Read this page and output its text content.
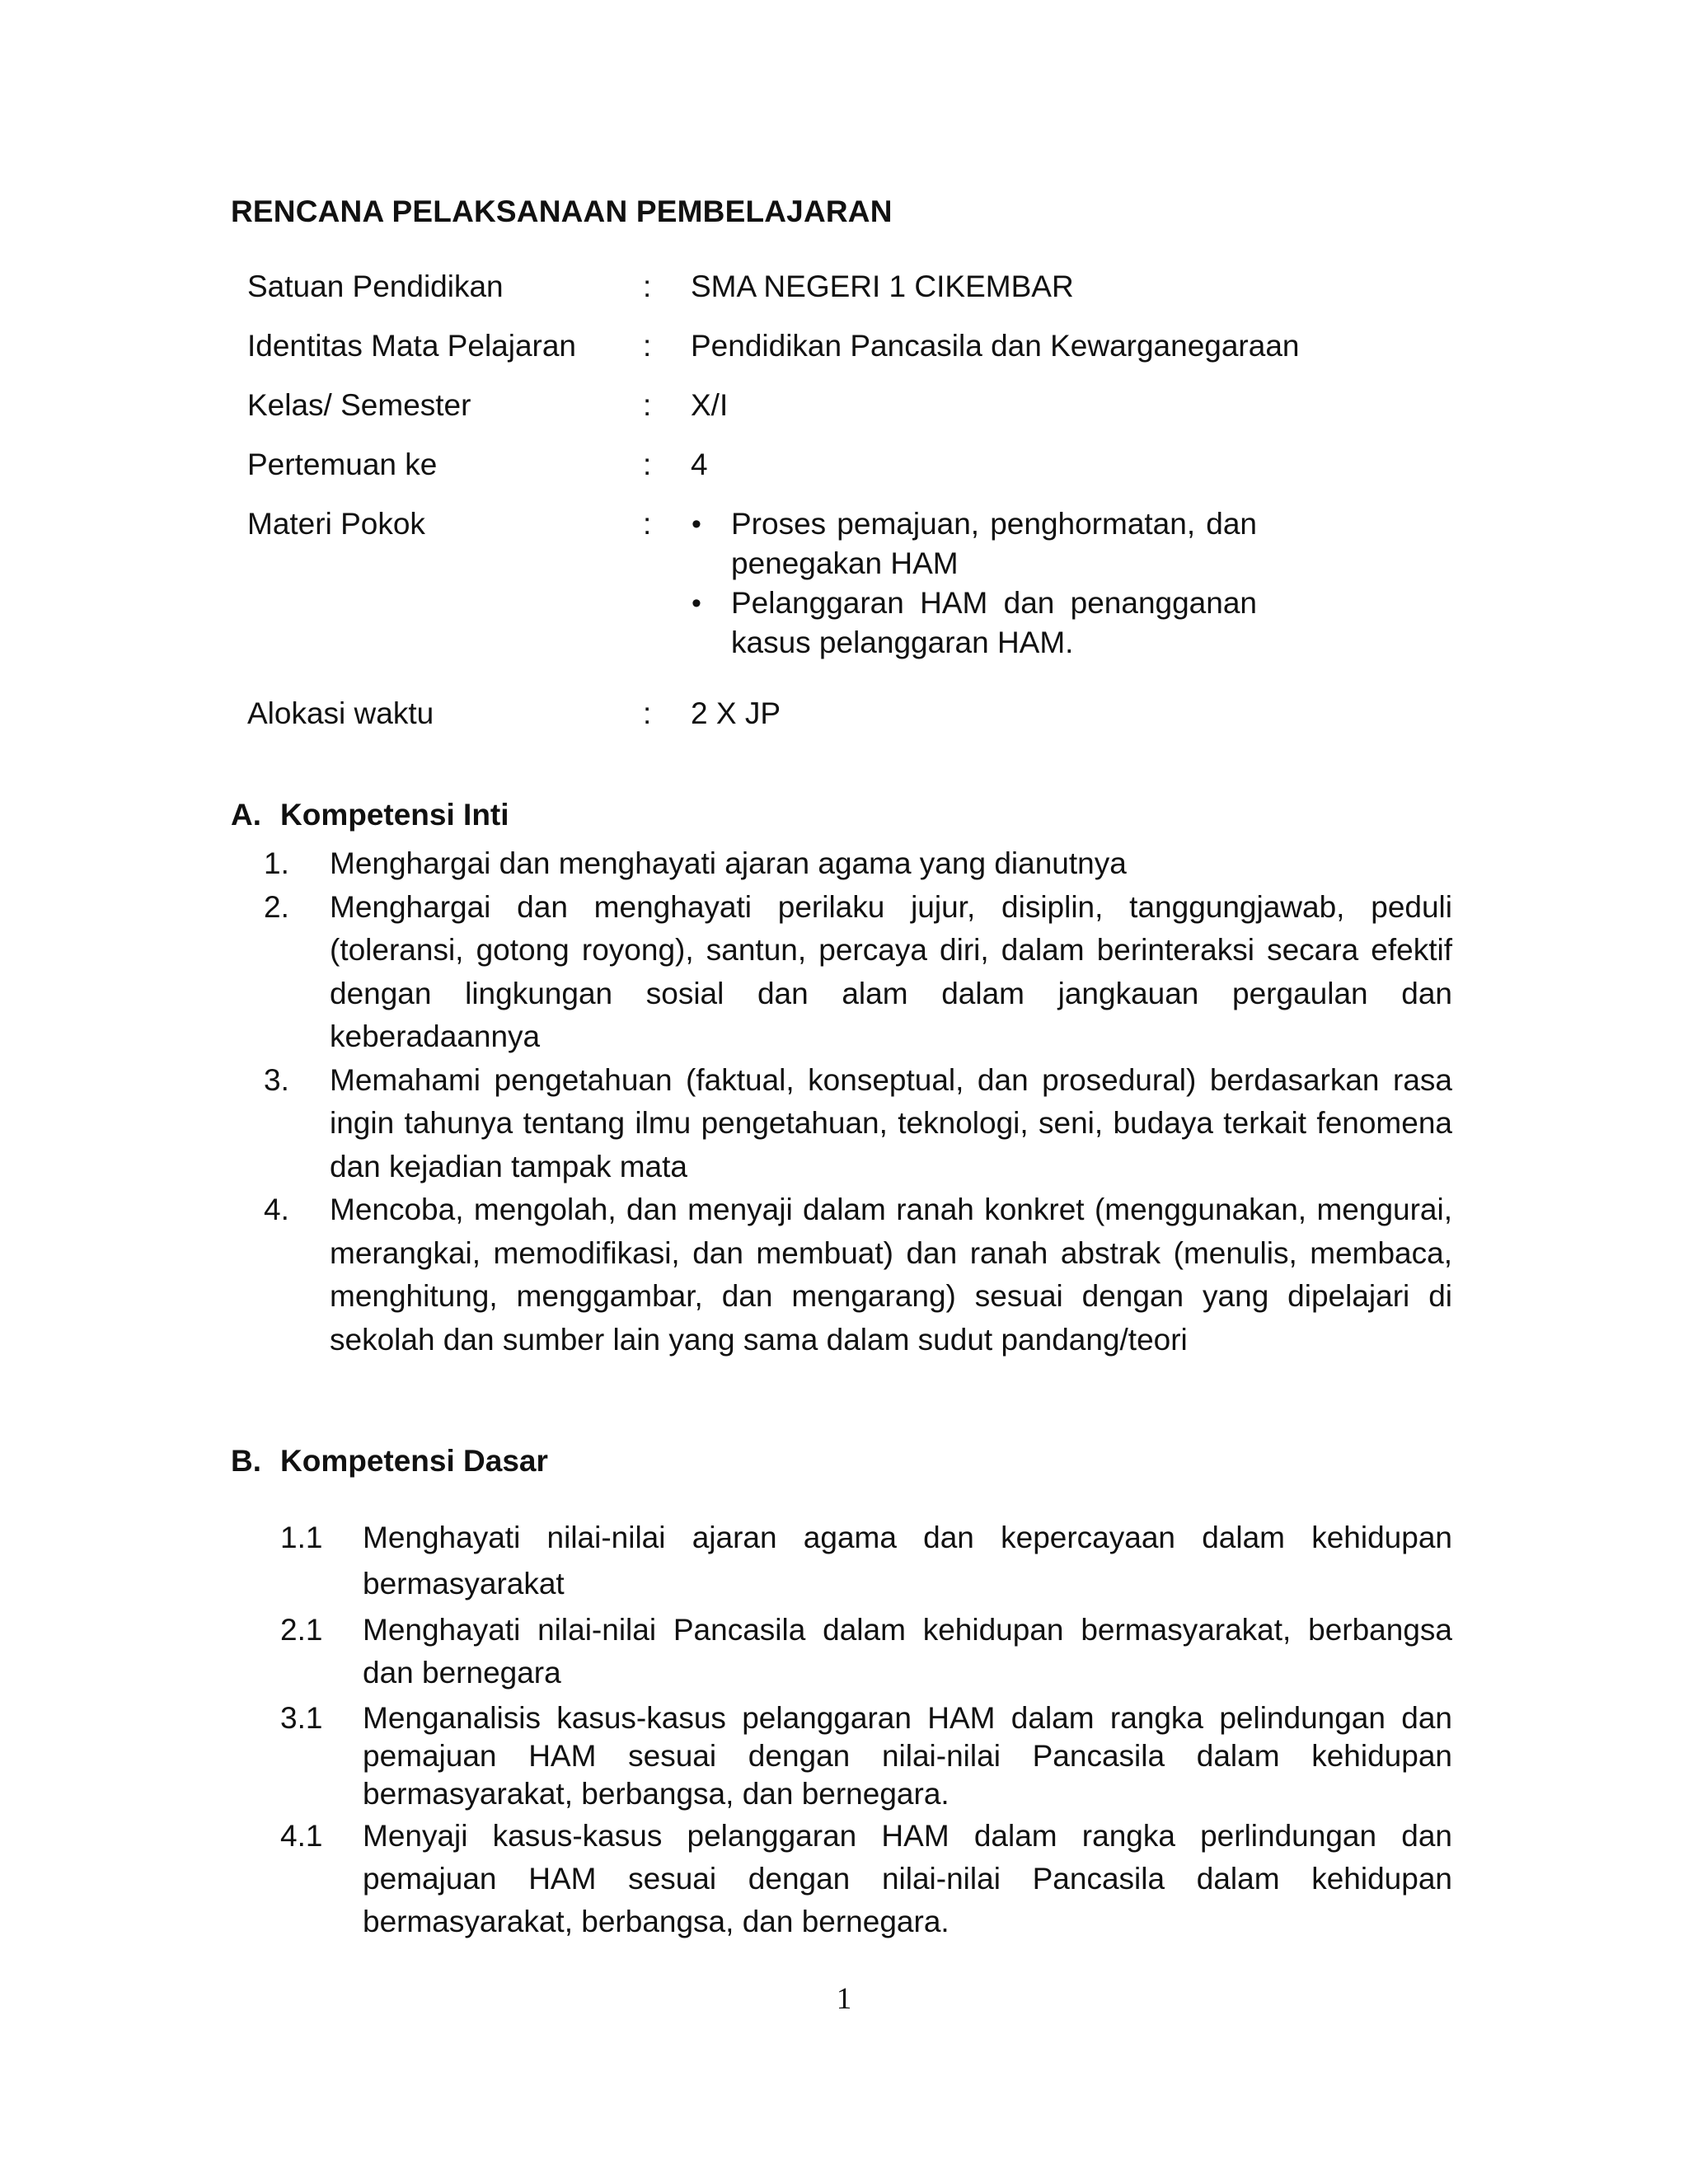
RENCANA PELAKSANAAN PEMBELAJARAN
Satuan Pendidikan	: SMA NEGERI 1 CIKEMBAR
Identitas Mata Pelajaran : Pendidikan Pancasila dan Kewarganegaraan
Kelas/ Semester	: X/I
Pertemuan ke	: 4
Materi Pokok	:
•	Proses pemajuan, penghormatan, dan penegakan HAM
• Pelanggaran HAM dan penangganan kasus pelanggaran HAM.
Alokasi waktu	: 2 X JP
A. Kompetensi Inti
1. Menghargai dan menghayati ajaran agama yang dianutnya
2. Menghargai dan menghayati perilaku jujur, disiplin, tanggungjawab, peduli (toleransi, gotong royong), santun, percaya diri, dalam berinteraksi secara efektif dengan lingkungan sosial dan alam dalam jangkauan pergaulan dan keberadaannya
3. Memahami pengetahuan (faktual, konseptual, dan prosedural) berdasarkan rasa ingin tahunya tentang ilmu pengetahuan, teknologi, seni, budaya terkait fenomena dan kejadian tampak mata
4. Mencoba, mengolah, dan menyaji dalam ranah konkret (menggunakan, mengurai, merangkai, memodifikasi, dan membuat) dan ranah abstrak (menulis, membaca, menghitung, menggambar, dan mengarang) sesuai dengan yang dipelajari di sekolah dan sumber lain yang sama dalam sudut pandang/teori
B. Kompetensi Dasar
1.1 Menghayati nilai-nilai ajaran agama dan kepercayaan dalam kehidupan bermasyarakat
2.1 Menghayati nilai-nilai Pancasila dalam kehidupan bermasyarakat, berbangsa dan bernegara
3.1 Menganalisis kasus-kasus pelanggaran HAM dalam rangka pelindungan dan pemajuan HAM sesuai dengan nilai-nilai Pancasila dalam kehidupan bermasyarakat, berbangsa, dan bernegara.
4.1 Menyaji kasus-kasus pelanggaran HAM dalam rangka perlindungan dan pemajuan HAM sesuai dengan nilai-nilai Pancasila dalam kehidupan bermasyarakat, berbangsa, dan bernegara.
1
